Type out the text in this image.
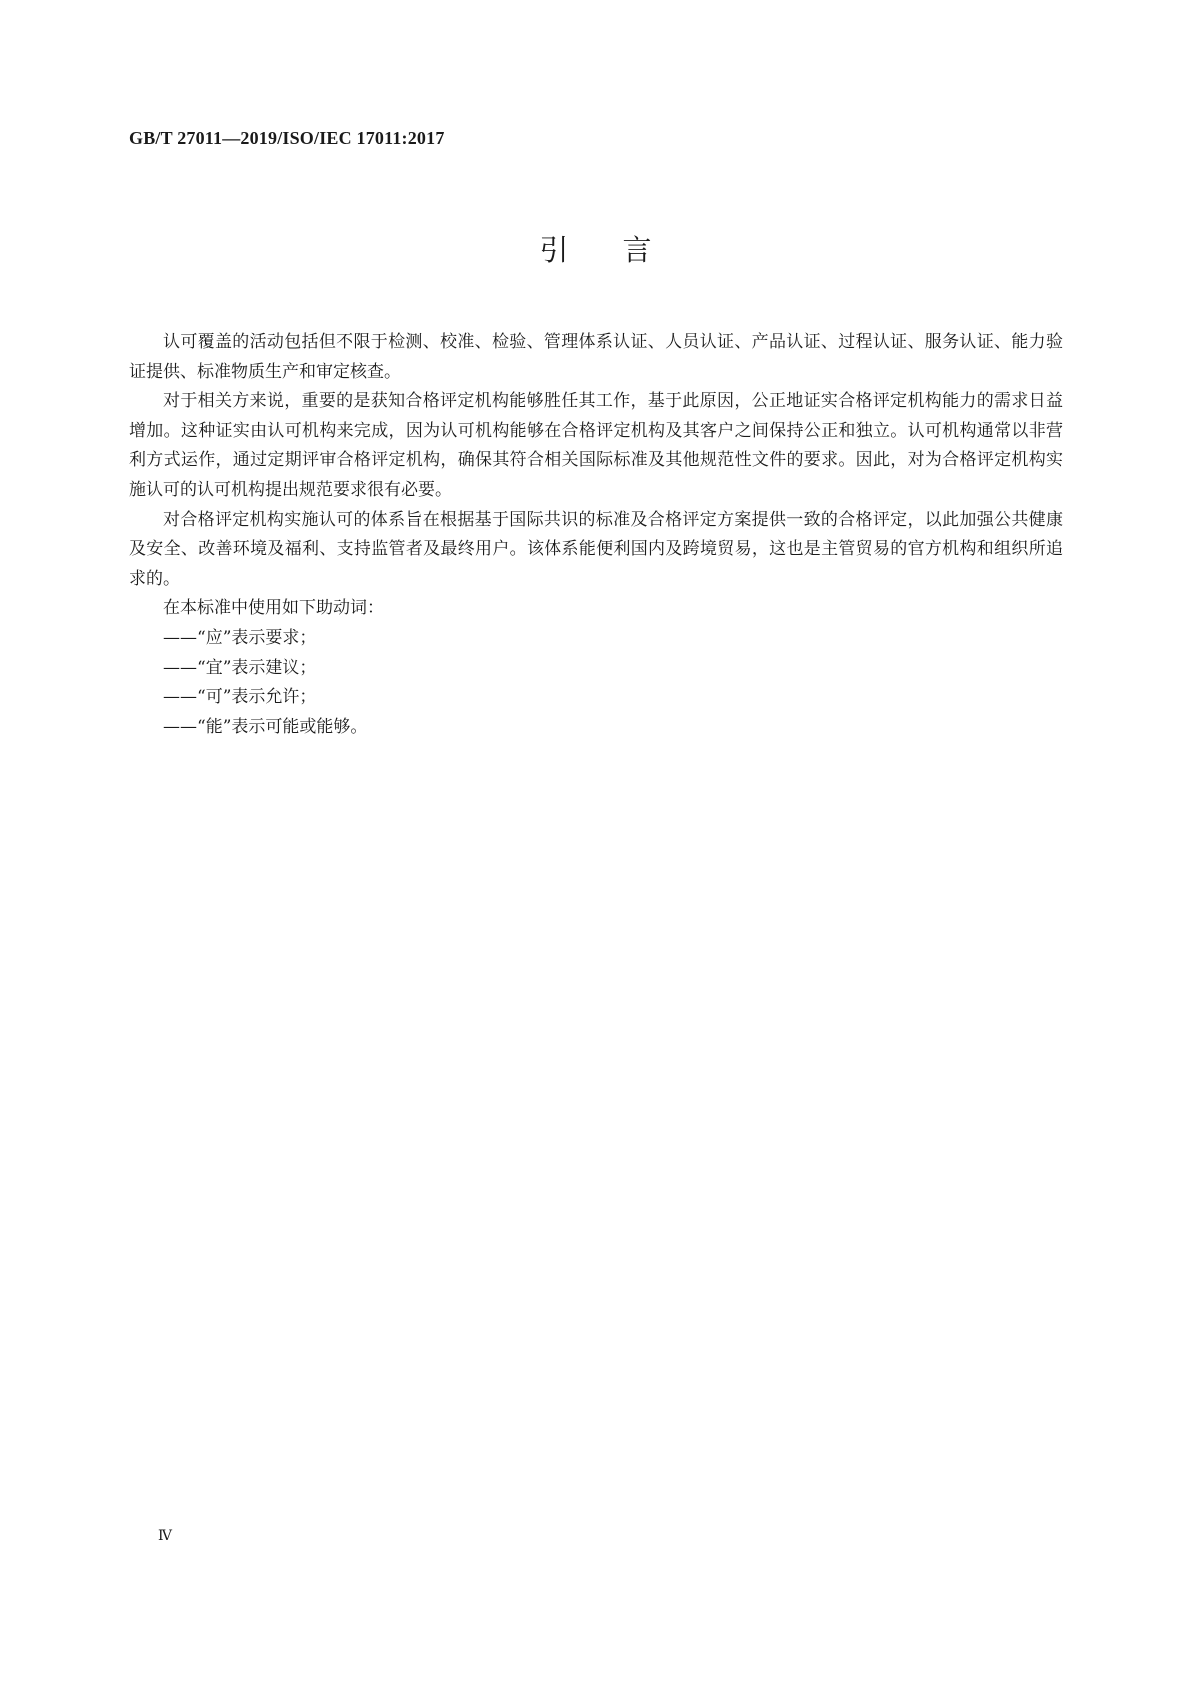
GB/T 27011—2019/ISO/IEC 17011:2017
引言

认可覆盖的活动包括但不限于检测、校准、检验、管理体系认证、人员认证、产品认证、过程认证、服务认证、能力验证提供、标准物质生产和审定核查。

对于相关方来说，重要的是获知合格评定机构能够胜任其工作，基于此原因，公正地证实合格评定机构能力的需求日益增加。这种证实由认可机构来完成，因为认可机构能够在合格评定机构及其客户之间保持公正和独立。认可机构通常以非营利方式运作，通过定期评审合格评定机构，确保其符合相关国际标准及其他规范性文件的要求。因此，对为合格评定机构实施认可的认可机构提出规范要求很有必要。

对合格评定机构实施认可的体系旨在根据基于国际共识的标准及合格评定方案提供一致的合格评定，以此加强公共健康及安全、改善环境及福利、支持监管者及最终用户。该体系能便利国内及跨境贸易，这也是主管贸易的官方机构和组织所追求的。

在本标准中使用如下助动词：

——“应”表示要求；
——“宜”表示建议；
——“可”表示允许；
——“能”表示可能或能够。
Ⅳ
